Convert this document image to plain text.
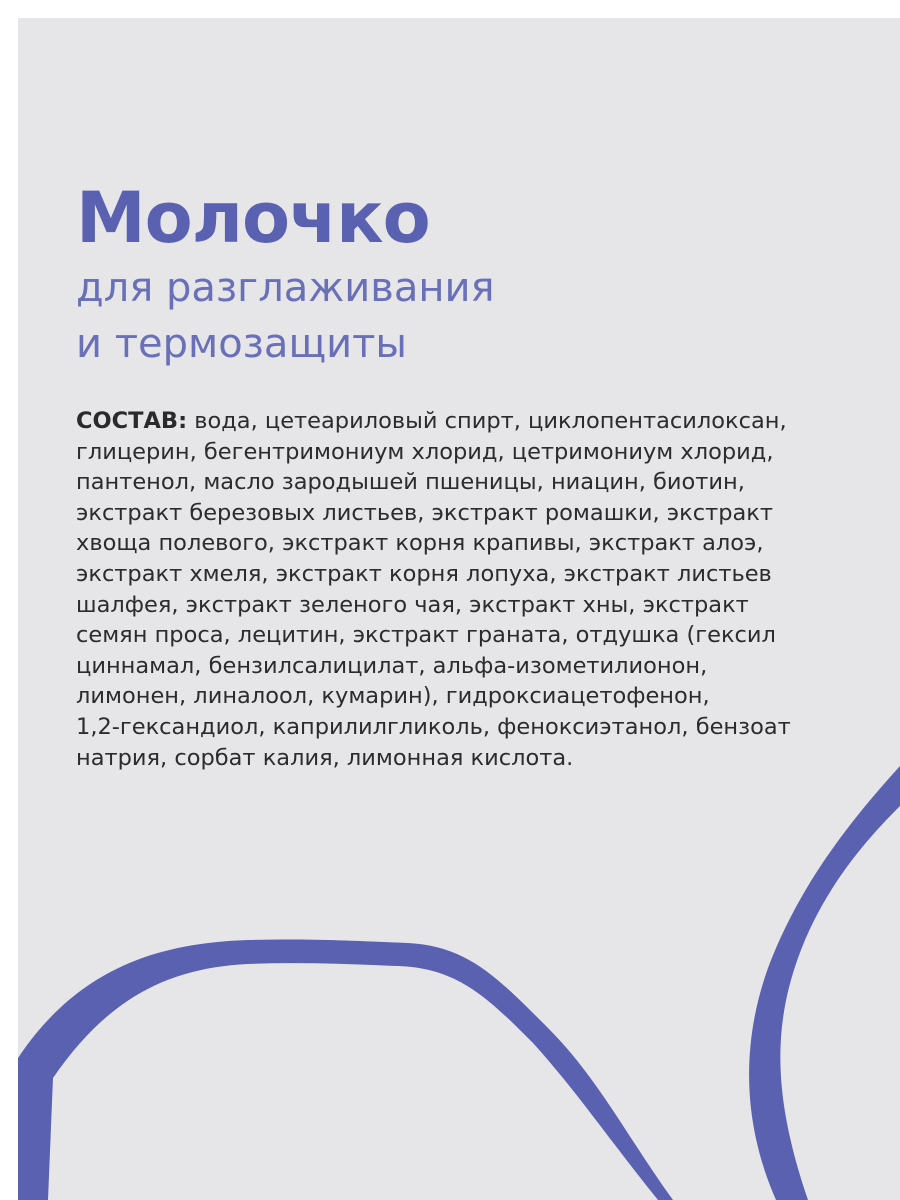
Молочко
для разглаживания
и термозащиты

СОСТАВ: вода, цетеариловый спирт, циклопентасилоксан,
глицерин, бегентримониум хлорид, цетримониум хлорид,
пантенол, масло зародышей пшеницы, ниацин, биотин,
экстракт березовых листьев, экстракт ромашки, экстракт
хвоща полевого, экстракт корня крапивы, экстракт алоэ,
экстракт хмеля, экстракт корня лопуха, экстракт листьев
шалфея, экстракт зеленого чая, экстракт хны, экстракт
семян проса, лецитин, экстракт граната, отдушка (гексил
циннамал, бензилсалицилат, альфа-изометилионон,
лимонен, линалоол, кумарин), гидроксиацетофенон,
1,2-гександиол, каприлилгликоль, феноксиэтанол, бензоат
натрия, сорбат калия, лимонная кислота.
